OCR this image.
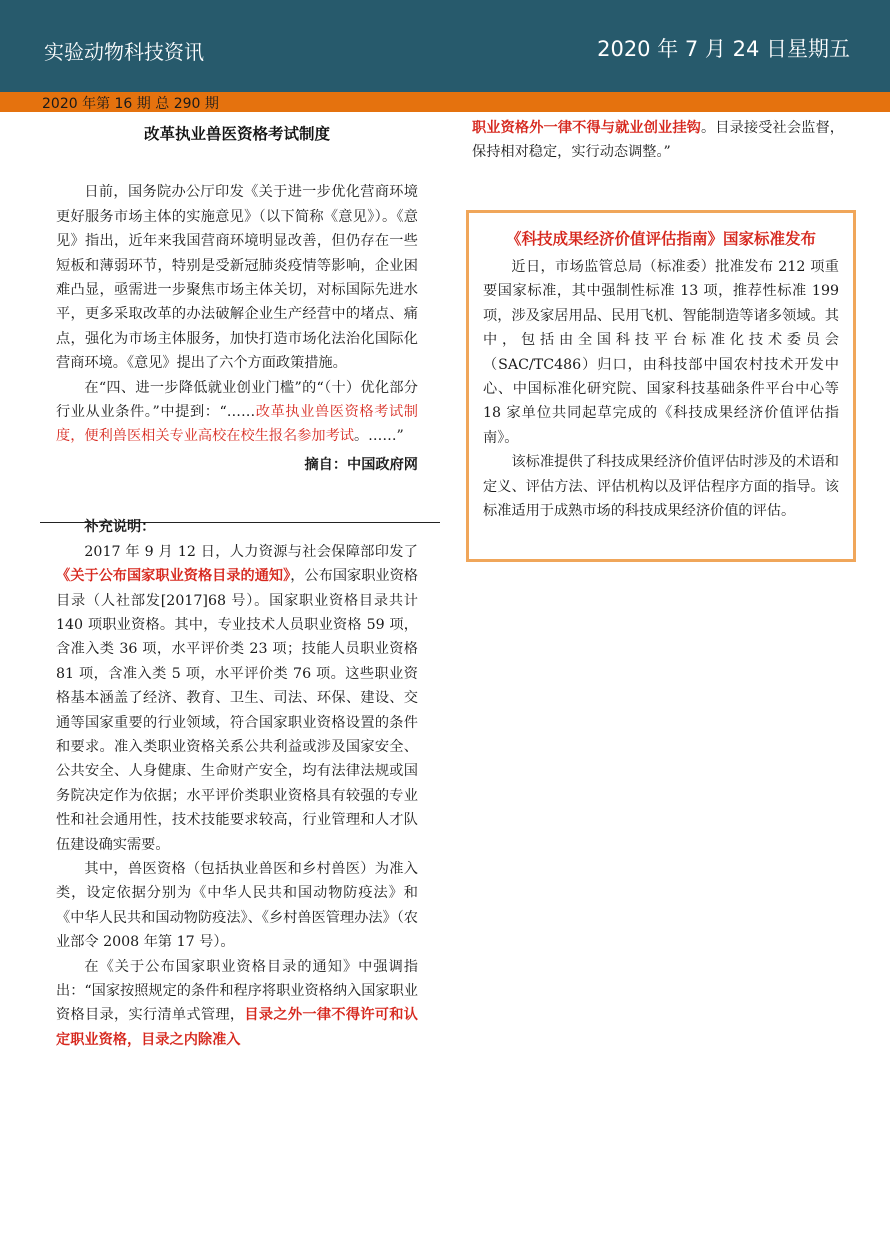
实验动物科技资讯	2020 年 7 月 24 日星期五
2020 年第 16 期 总 290 期
改革执业兽医资格考试制度

日前，国务院办公厅印发《关于进一步优化营商环境更好服务市场主体的实施意见》（以下简称《意见》）。《意见》指出，近年来我国营商环境明显改善，但仍存在一些短板和薄弱环节，特别是受新冠肺炎疫情等影响，企业困难凸显，亟需进一步聚焦市场主体关切，对标国际先进水平，更多采取改革的办法破解企业生产经营中的堵点、痛点，强化为市场主体服务，加快打造市场化法治化国际化营商环境。《意见》提出了六个方面政策措施。

在“四、进一步降低就业创业门槛”的“（十）优化部分行业从业条件。”中提到：“……改革执业兽医资格考试制度，便利兽医相关专业高校在校生报名参加考试。……”

摘自：中国政府网

补充说明：

2017 年 9 月 12 日，人力资源与社会保障部印发了《关于公布国家职业资格目录的通知》，公布国家职业资格目录（人社部发[2017]68 号）。国家职业资格目录共计 140 项职业资格。其中，专业技术人员职业资格 59 项，含准入类 36 项，水平评价类 23 项；技能人员职业资格 81 项，含准入类 5 项，水平评价类 76 项。这些职业资格基本涵盖了经济、教育、卫生、司法、环保、建设、交通等国家重要的行业领域，符合国家职业资格设置的条件和要求。准入类职业资格关系公共利益或涉及国家安全、公共安全、人身健康、生命财产安全，均有法律法规或国务院决定作为依据；水平评价类职业资格具有较强的专业性和社会通用性，技术技能要求较高，行业管理和人才队伍建设确实需要。

其中，兽医资格（包括执业兽医和乡村兽医）为准入类，设定依据分别为《中华人民共和国动物防疫法》和《中华人民共和国动物防疫法》、《乡村兽医管理办法》（农业部令 2008 年第 17 号）。

在《关于公布国家职业资格目录的通知》中强调指出：“国家按照规定的条件和程序将职业资格纳入国家职业资格目录，实行清单式管理，目录之外一律不得许可和认定职业资格，目录之内除准入

职业资格外一律不得与就业创业挂钩。目录接受社会监督，保持相对稳定，实行动态调整。”

《科技成果经济价值评估指南》国家标准发布

近日，市场监管总局（标准委）批准发布 212 项重要国家标准，其中强制性标准 13 项，推荐性标准 199 项，涉及家居用品、民用飞机、智能制造等诸多领域。其中，包括由全国科技平台标准化技术委员会（SAC/TC486）归口，由科技部中国农村技术开发中心、中国标准化研究院、国家科技基础条件平台中心等 18 家单位共同起草完成的《科技成果经济价值评估指南》。

该标准提供了科技成果经济价值评估时涉及的术语和定义、评估方法、评估机构以及评估程序方面的指导。该标准适用于成熟市场的科技成果经济价值的评估。
